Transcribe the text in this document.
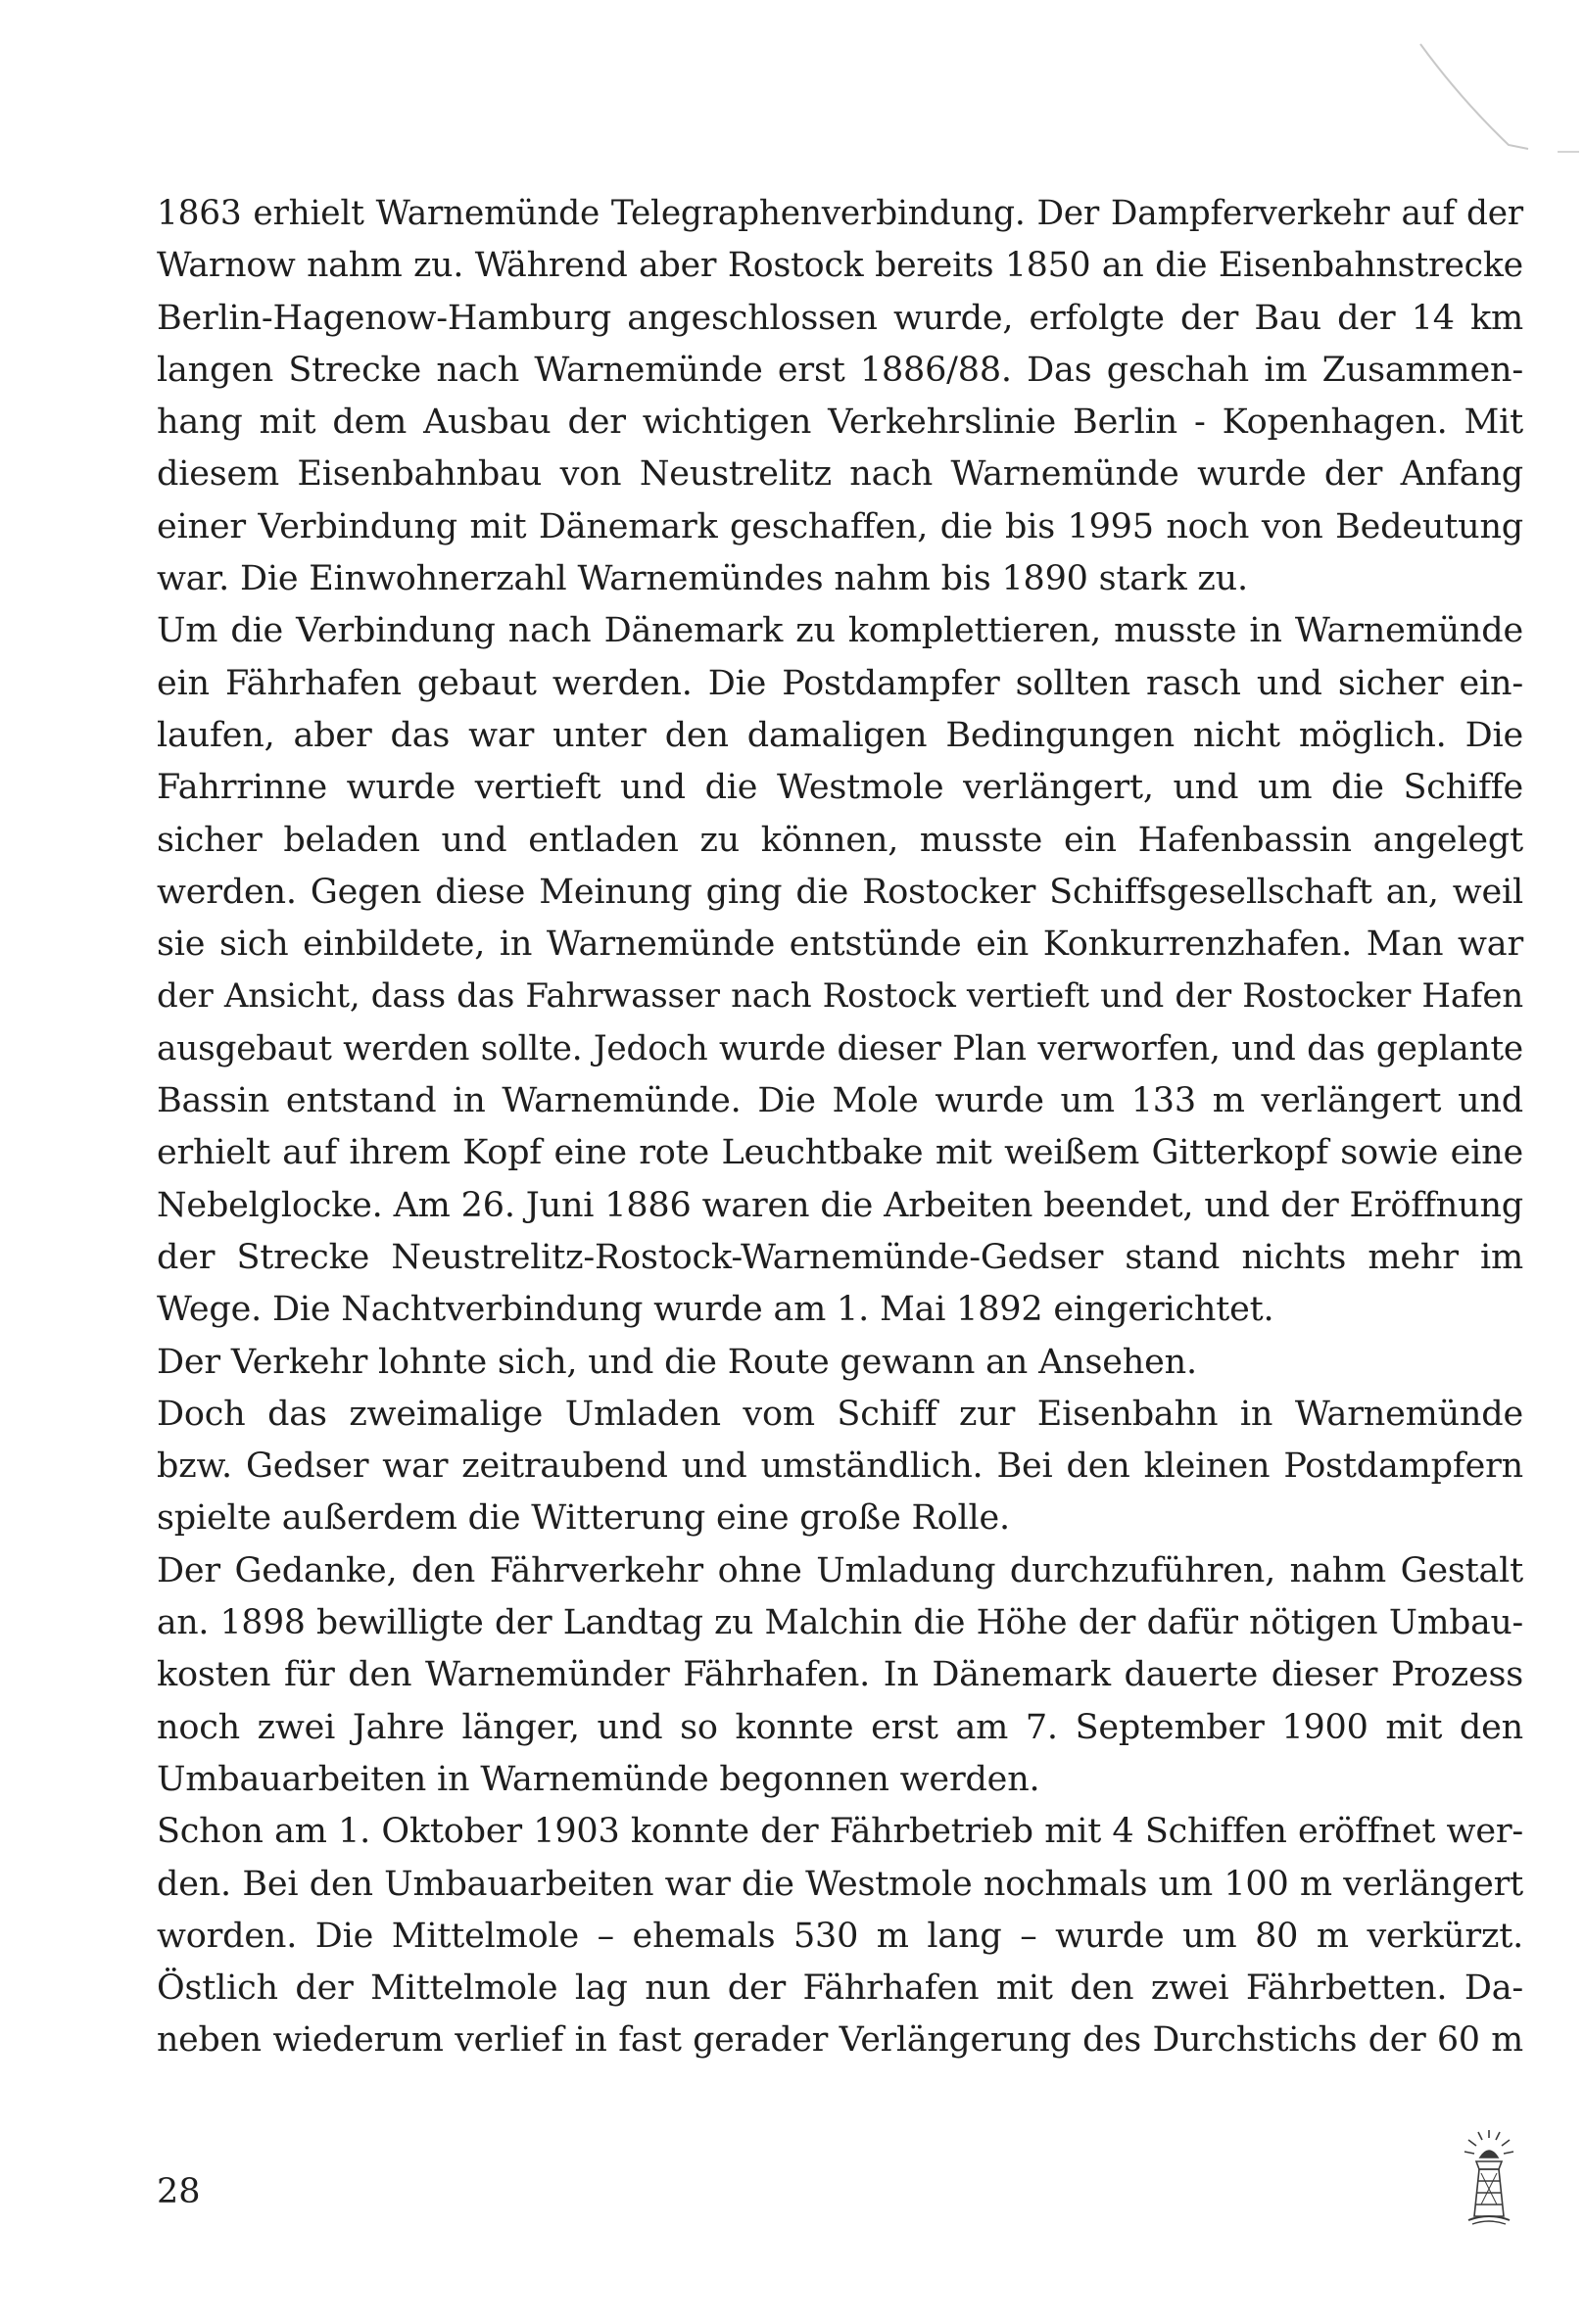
1863 erhielt Warnemünde Telegraphenverbindung. Der Dampferverkehr auf der
Warnow nahm zu. Während aber Rostock bereits 1850 an die Eisenbahnstrecke
Berlin-Hagenow-Hamburg angeschlossen wurde, erfolgte der Bau der 14 km
langen Strecke nach Warnemünde erst 1886/88. Das geschah im Zusammen-
hang mit dem Ausbau der wichtigen Verkehrslinie Berlin - Kopenhagen. Mit
diesem Eisenbahnbau von Neustrelitz nach Warnemünde wurde der Anfang
einer Verbindung mit Dänemark geschaffen, die bis 1995 noch von Bedeutung
war. Die Einwohnerzahl Warnemündes nahm bis 1890 stark zu.
Um die Verbindung nach Dänemark zu komplettieren, musste in Warnemünde
ein Fährhafen gebaut werden. Die Postdampfer sollten rasch und sicher ein-
laufen, aber das war unter den damaligen Bedingungen nicht möglich. Die
Fahrrinne wurde vertieft und die Westmole verlängert, und um die Schiffe
sicher beladen und entladen zu können, musste ein Hafenbassin angelegt
werden. Gegen diese Meinung ging die Rostocker Schiffsgesellschaft an, weil
sie sich einbildete, in Warnemünde entstünde ein Konkurrenzhafen. Man war
der Ansicht, dass das Fahrwasser nach Rostock vertieft und der Rostocker Hafen
ausgebaut werden sollte. Jedoch wurde dieser Plan verworfen, und das geplante
Bassin entstand in Warnemünde. Die Mole wurde um 133 m verlängert und
erhielt auf ihrem Kopf eine rote Leuchtbake mit weißem Gitterkopf sowie eine
Nebelglocke. Am 26. Juni 1886 waren die Arbeiten beendet, und der Eröffnung
der Strecke Neustrelitz-Rostock-Warnemünde-Gedser stand nichts mehr im
Wege. Die Nachtverbindung wurde am 1. Mai 1892 eingerichtet.
Der Verkehr lohnte sich, und die Route gewann an Ansehen.
Doch das zweimalige Umladen vom Schiff zur Eisenbahn in Warnemünde
bzw. Gedser war zeitraubend und umständlich. Bei den kleinen Postdampfern
spielte außerdem die Witterung eine große Rolle.
Der Gedanke, den Fährverkehr ohne Umladung durchzuführen, nahm Gestalt
an. 1898 bewilligte der Landtag zu Malchin die Höhe der dafür nötigen Umbau-
kosten für den Warnemünder Fährhafen. In Dänemark dauerte dieser Prozess
noch zwei Jahre länger, und so konnte erst am 7. September 1900 mit den
Umbauarbeiten in Warnemünde begonnen werden.
Schon am 1. Oktober 1903 konnte der Fährbetrieb mit 4 Schiffen eröffnet wer-
den. Bei den Umbauarbeiten war die Westmole nochmals um 100 m verlängert
worden. Die Mittelmole – ehemals 530 m lang – wurde um 80 m verkürzt.
Östlich der Mittelmole lag nun der Fährhafen mit den zwei Fährbetten. Da-
neben wiederum verlief in fast gerader Verlängerung des Durchstichs der 60 m
28
